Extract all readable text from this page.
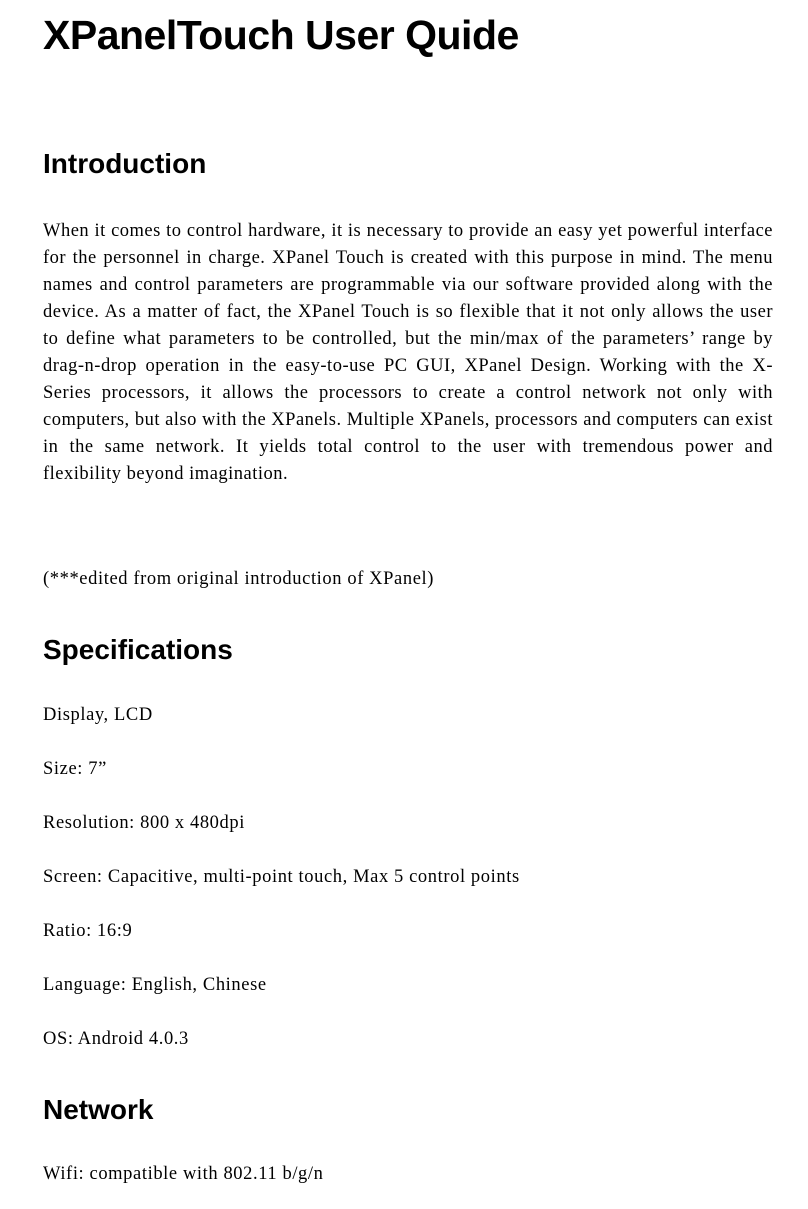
XPanelTouch User Quide
Introduction

When it comes to control hardware, it is necessary to provide an easy yet powerful interface for the personnel in charge. XPanel Touch is created with this purpose in mind. The menu names and control parameters are programmable via our software provided along with the device. As a matter of fact, the XPanel Touch is so flexible that it not only allows the user to define what parameters to be controlled, but the min/max of the parameters’ range by drag-n-drop operation in the easy-to-use PC GUI, XPanel Design. Working with the X-Series processors, it allows the processors to create a control network not only with computers, but also with the XPanels. Multiple XPanels, processors and computers can exist in the same network. It yields total control to the user with tremendous power and flexibility beyond imagination.

(***edited from original introduction of XPanel)

Specifications

Display, LCD

Size: 7”

Resolution: 800 x 480dpi

Screen: Capacitive, multi-point touch, Max 5 control points

Ratio: 16:9

Language: English, Chinese

OS: Android 4.0.3

Network

Wifi: compatible with 802.11 b/g/n
